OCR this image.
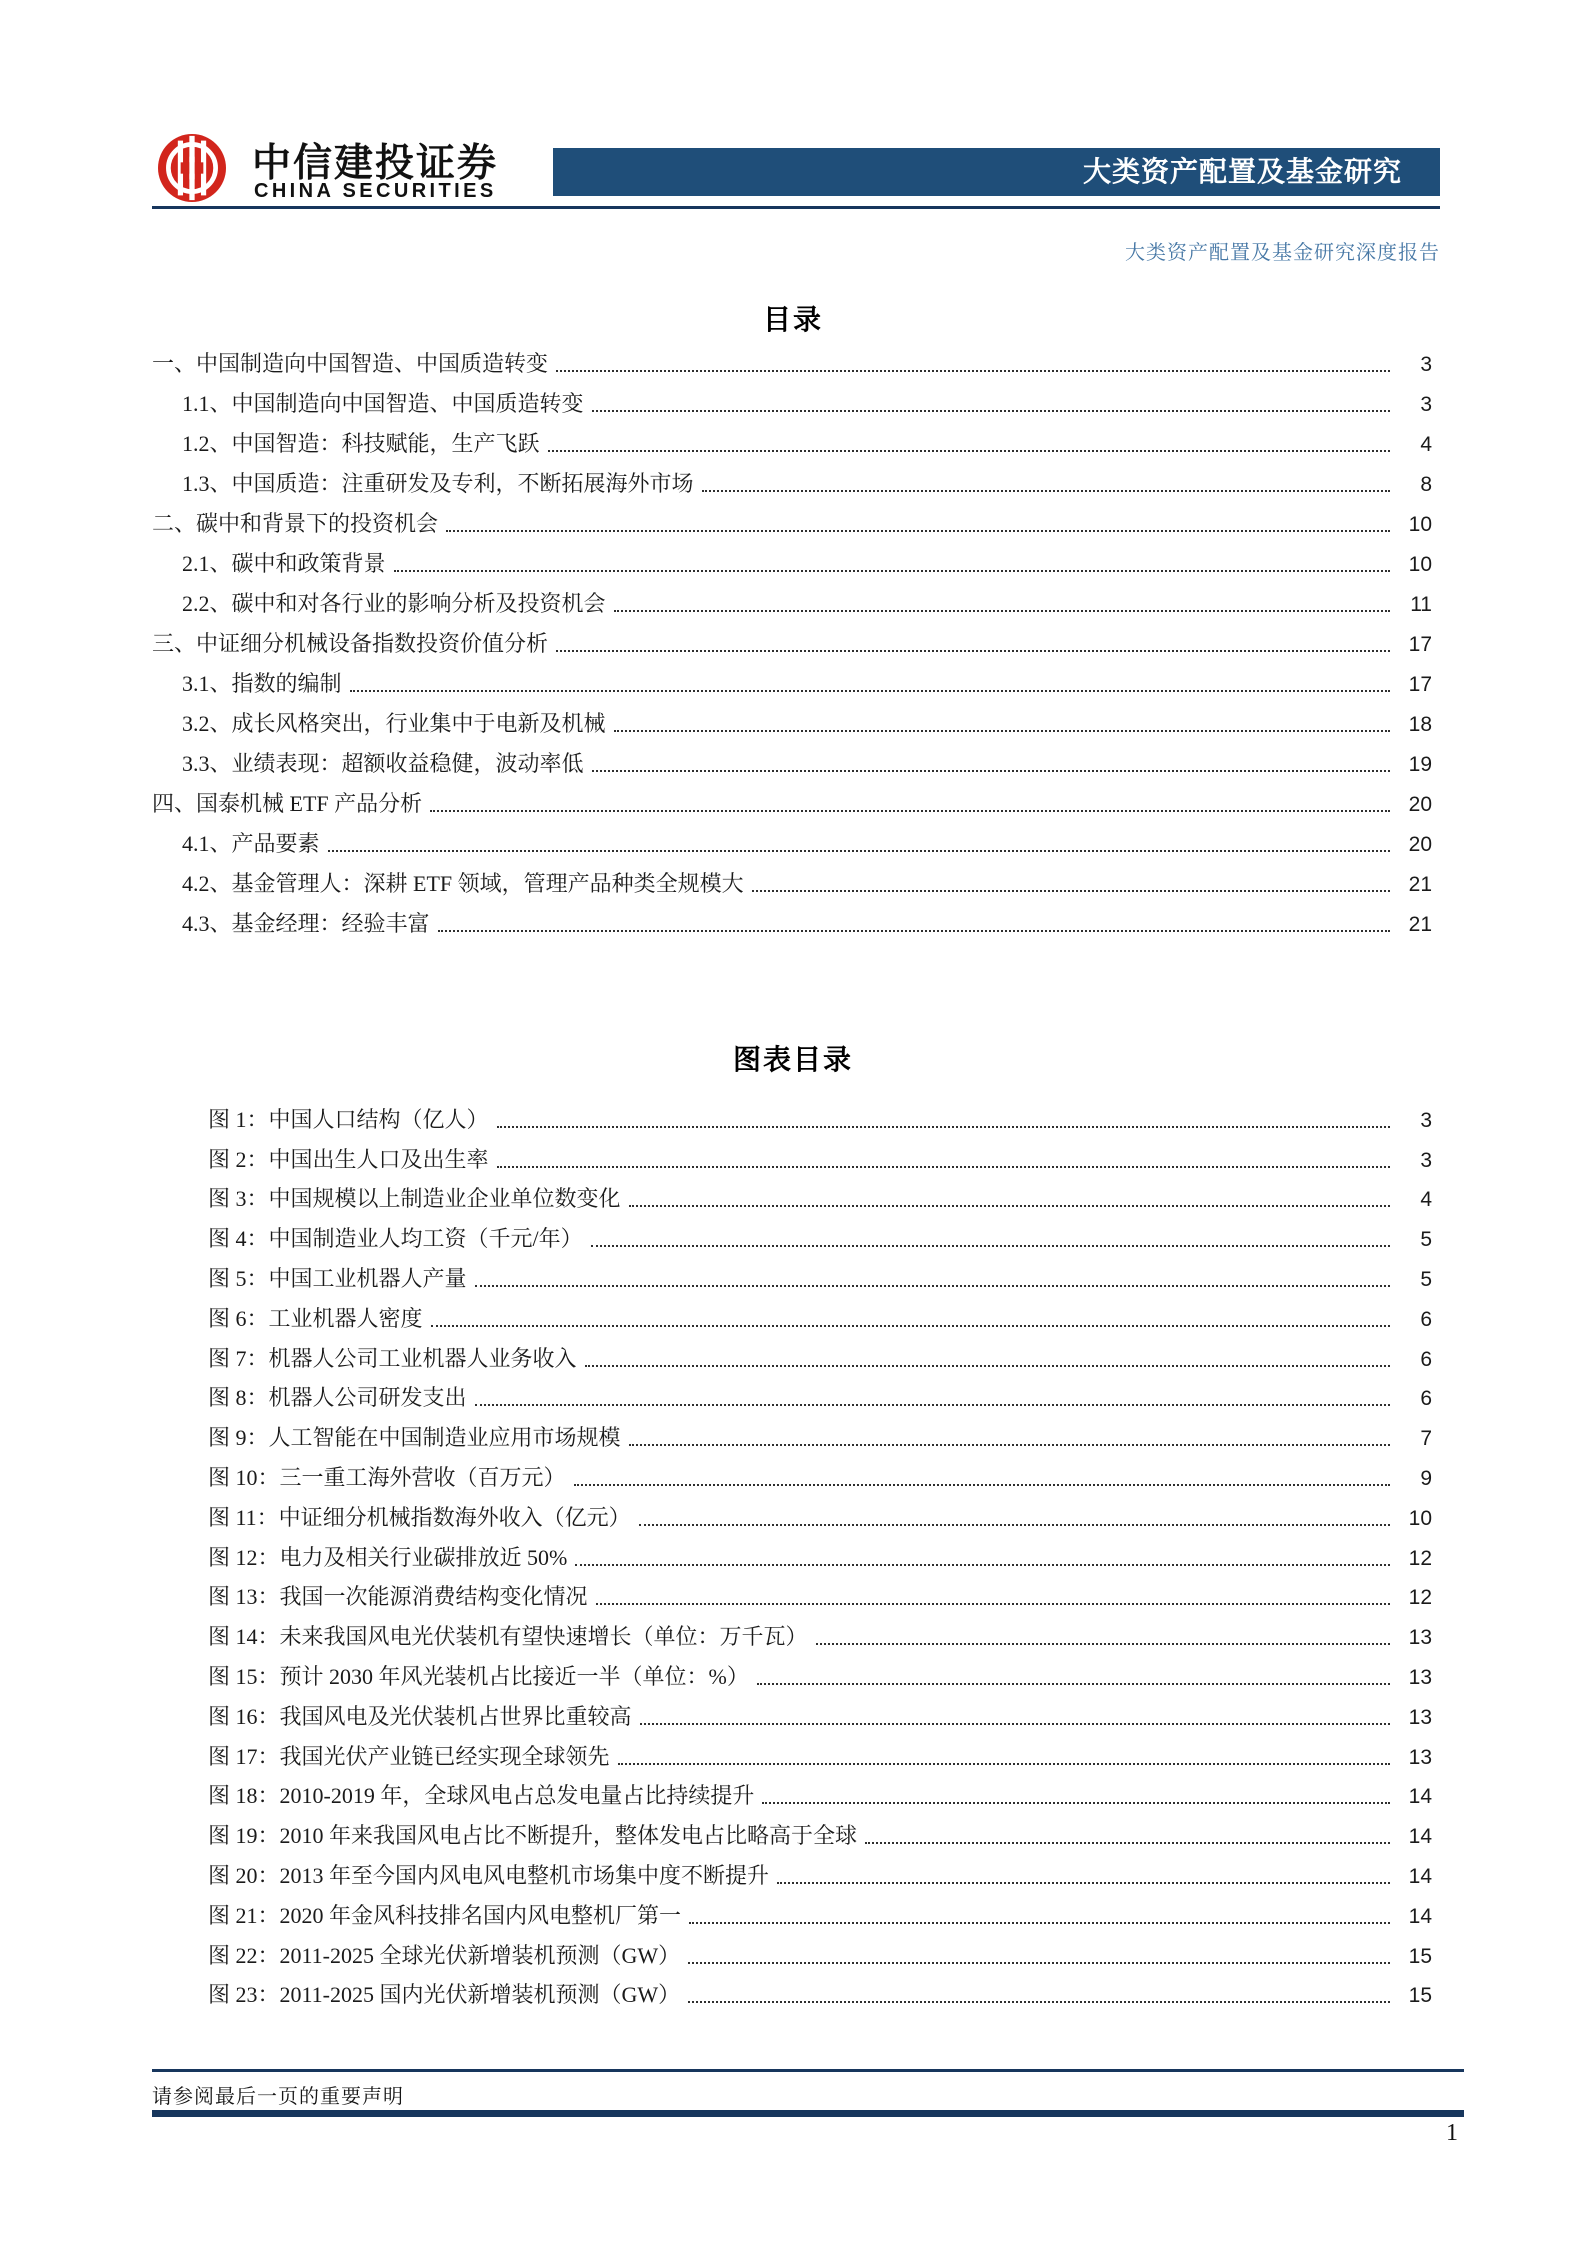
中信建投证券
CHINA SECURITIES
大类资产配置及基金研究
大类资产配置及基金研究深度报告
目录
一、中国制造向中国智造、中国质造转变	3
1.1、中国制造向中国智造、中国质造转变	3
1.2、中国智造：科技赋能，生产飞跃	4
1.3、中国质造：注重研发及专利，不断拓展海外市场	8
二、碳中和背景下的投资机会	10
2.1、碳中和政策背景	10
2.2、碳中和对各行业的影响分析及投资机会	11
三、中证细分机械设备指数投资价值分析	17
3.1、指数的编制	17
3.2、成长风格突出，行业集中于电新及机械	18
3.3、业绩表现：超额收益稳健，波动率低	19
四、国泰机械 ETF 产品分析	20
4.1、产品要素	20
4.2、基金管理人：深耕 ETF 领域，管理产品种类全规模大	21
4.3、基金经理：经验丰富	21
图表目录
图 1：中国人口结构（亿人）	3
图 2：中国出生人口及出生率	3
图 3：中国规模以上制造业企业单位数变化	4
图 4：中国制造业人均工资（千元/年）	5
图 5：中国工业机器人产量	5
图 6：工业机器人密度	6
图 7：机器人公司工业机器人业务收入	6
图 8：机器人公司研发支出	6
图 9：人工智能在中国制造业应用市场规模	7
图 10：三一重工海外营收（百万元）	9
图 11：中证细分机械指数海外收入（亿元）	10
图 12：电力及相关行业碳排放近 50%	12
图 13：我国一次能源消费结构变化情况	12
图 14：未来我国风电光伏装机有望快速增长（单位：万千瓦）	13
图 15：预计 2030 年风光装机占比接近一半（单位：%）	13
图 16：我国风电及光伏装机占世界比重较高	13
图 17：我国光伏产业链已经实现全球领先	13
图 18：2010-2019 年，全球风电占总发电量占比持续提升	14
图 19：2010 年来我国风电占比不断提升，整体发电占比略高于全球	14
图 20：2013 年至今国内风电风电整机市场集中度不断提升	14
图 21：2020 年金风科技排名国内风电整机厂第一	14
图 22：2011-2025 全球光伏新增装机预测（GW）	15
图 23：2011-2025 国内光伏新增装机预测（GW）	15
请参阅最后一页的重要声明
1
